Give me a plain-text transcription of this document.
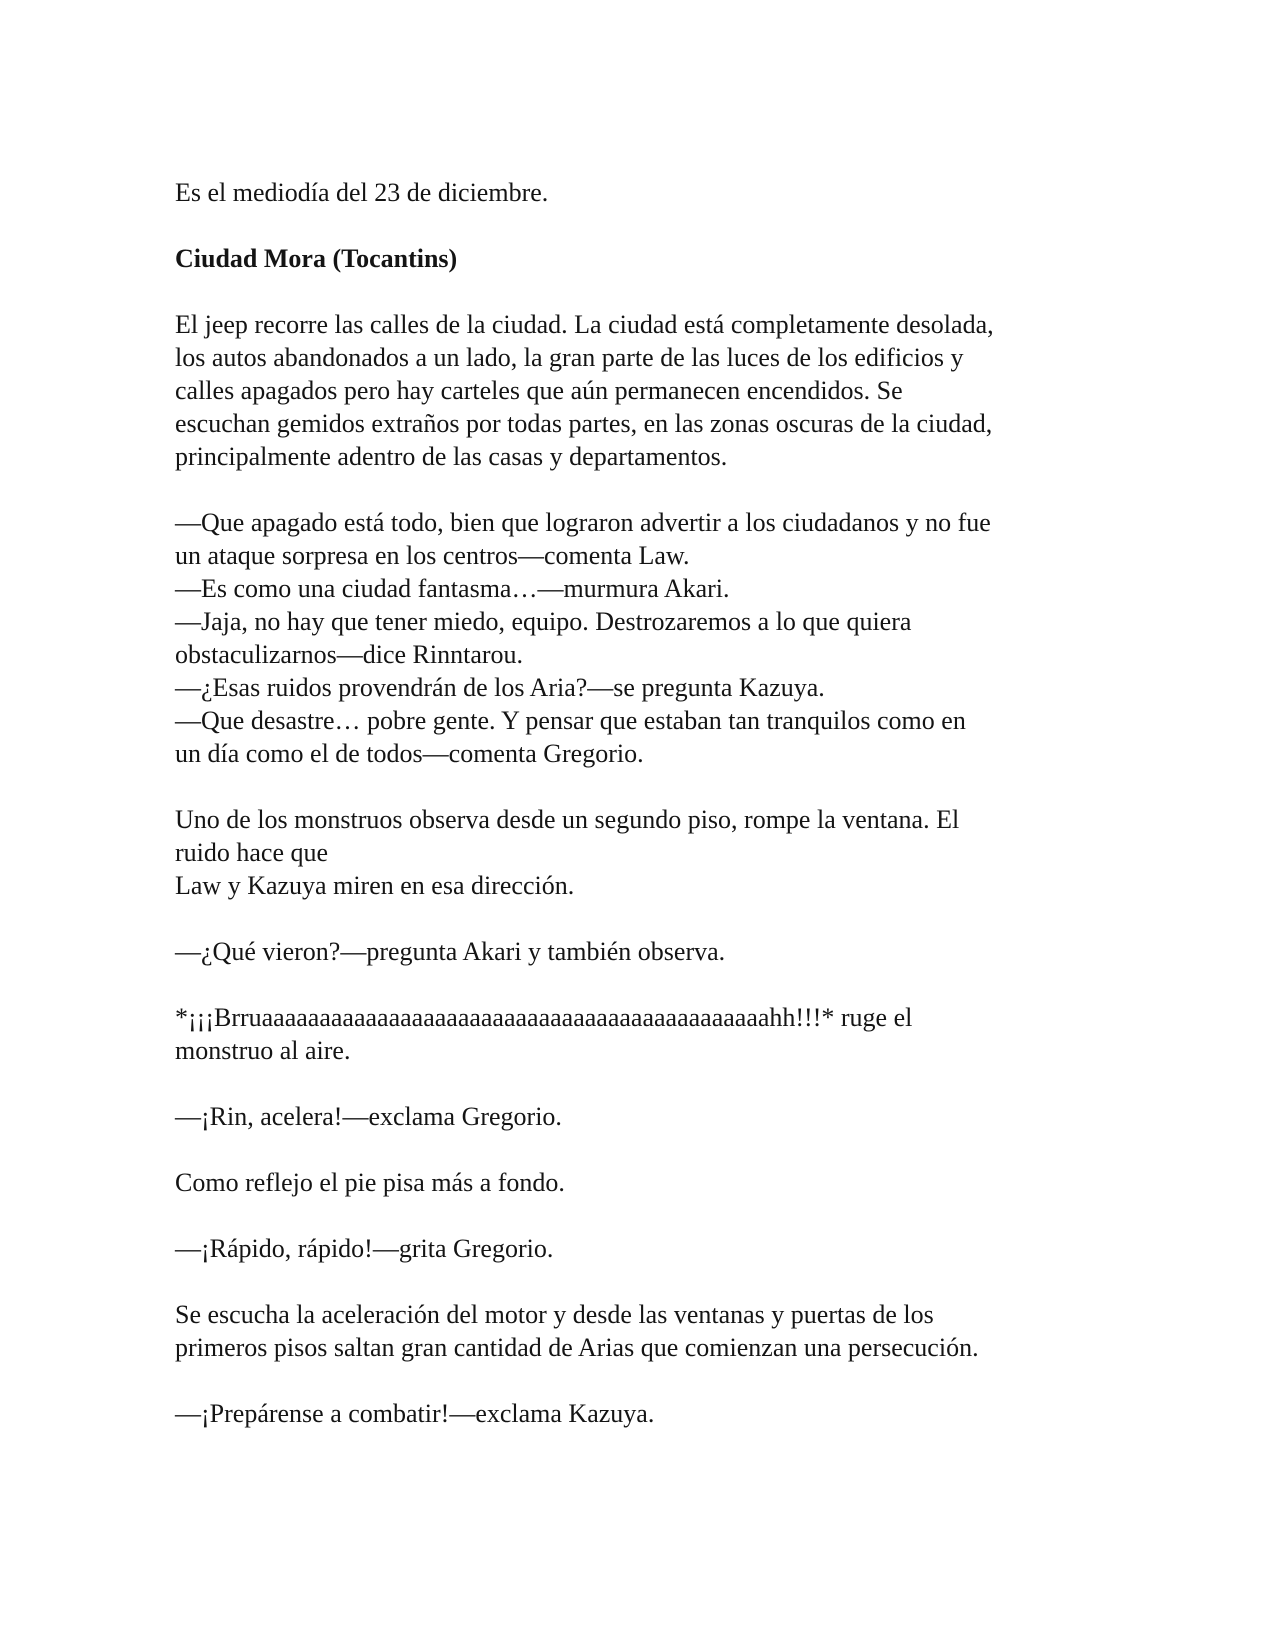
Es el mediodía del 23 de diciembre.
Ciudad Mora (Tocantins)
El jeep recorre las calles de la ciudad. La ciudad está completamente desolada,
los autos abandonados a un lado, la gran parte de las luces de los edificios y
calles apagados pero hay carteles que aún permanecen encendidos. Se
escuchan gemidos extraños por todas partes, en las zonas oscuras de la ciudad,
principalmente adentro de las casas y departamentos.
—Que apagado está todo, bien que lograron advertir a los ciudadanos y no fue
un ataque sorpresa en los centros—comenta Law.
—Es como una ciudad fantasma…—murmura Akari.
—Jaja, no hay que tener miedo, equipo. Destrozaremos a lo que quiera
obstaculizarnos—dice Rinntarou.
—¿Esas ruidos provendrán de los Aria?—se pregunta Kazuya.
—Que desastre… pobre gente. Y pensar que estaban tan tranquilos como en
un día como el de todos—comenta Gregorio.
Uno de los monstruos observa desde un segundo piso, rompe la ventana. El
ruido hace que
Law y Kazuya miren en esa dirección.
—¿Qué vieron?—pregunta Akari y también observa.
*¡¡¡Brruaaaaaaaaaaaaaaaaaaaaaaaaaaaaaaaaaaaaaaaaaaaahh!!!* ruge el
monstruo al aire.
—¡Rin, acelera!—exclama Gregorio.
Como reflejo el pie pisa más a fondo.
—¡Rápido, rápido!—grita Gregorio.
Se escucha la aceleración del motor y desde las ventanas y puertas de los
primeros pisos saltan gran cantidad de Arias que comienzan una persecución.
—¡Prepárense a combatir!—exclama Kazuya.
